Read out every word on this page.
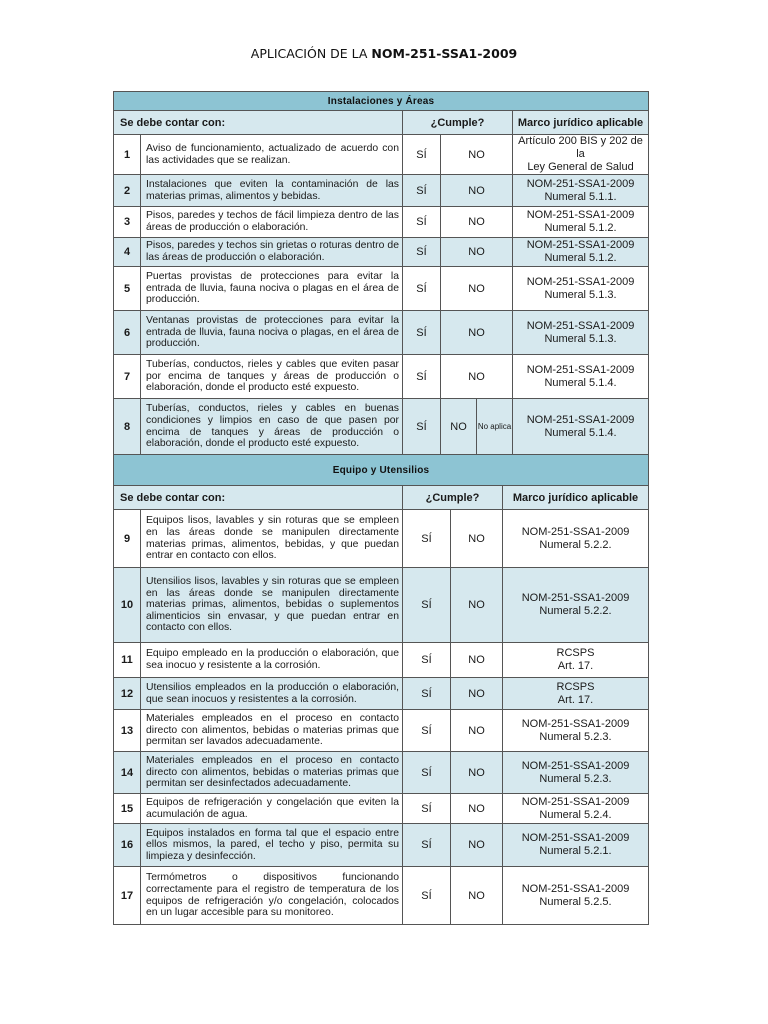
APLICACIÓN DE LA NOM-251-SSA1-2009
Instalaciones y Áreas					
Se debe contar con:		¿Cumple?			Marco jurídico aplicable
1	Aviso de funcionamiento, actualizado de acuerdo con las actividades que se realizan.	SÍ	NO		Artículo 200 BIS y 202 de la
Ley General de Salud
2	Instalaciones que eviten la contaminación de las materias primas, alimentos y bebidas.	SÍ	NO		NOM-251-SSA1-2009
Numeral 5.1.1.
3	Pisos, paredes y techos de fácil limpieza dentro de las áreas de producción o elaboración.	SÍ	NO		NOM-251-SSA1-2009
Numeral 5.1.2.
4	Pisos, paredes y techos sin grietas o roturas dentro de las áreas de producción o elaboración.	SÍ	NO		NOM-251-SSA1-2009
Numeral 5.1.2.
5	Puertas provistas de protecciones para evitar la entrada de lluvia, fauna nociva o plagas en el área de producción.	SÍ	NO		NOM-251-SSA1-2009
Numeral 5.1.3.
6	Ventanas provistas de protecciones para evitar la entrada de lluvia, fauna nociva o plagas, en el área de producción.	SÍ	NO		NOM-251-SSA1-2009
Numeral 5.1.3.
7	Tuberías, conductos, rieles y cables que eviten pasar por encima de tanques y áreas de producción o elaboración, donde el producto esté expuesto.	SÍ	NO		NOM-251-SSA1-2009
Numeral 5.1.4.
8	Tuberías, conductos, rieles y cables en buenas condiciones y limpios en caso de que pasen por encima de tanques y áreas de producción o elaboración, donde el producto esté expuesto.	SÍ	NO	No aplica	NOM-251-SSA1-2009
Numeral 5.1.4.
Equipo y Utensilios				
Se debe contar con:		¿Cumple?		Marco jurídico aplicable
9	Equipos lisos, lavables y sin roturas que se empleen en las áreas donde se manipulen directamente materias primas, alimentos, bebidas, y que puedan entrar en contacto con ellos.	SÍ	NO	NOM-251-SSA1-2009
Numeral 5.2.2.
10	Utensilios lisos, lavables y sin roturas que se empleen en las áreas donde se manipulen directamente materias primas, alimentos, bebidas o suplementos alimenticios sin envasar, y que puedan entrar en contacto con ellos.	SÍ	NO	NOM-251-SSA1-2009
Numeral 5.2.2.
11	Equipo empleado en la producción o elaboración, que sea inocuo y resistente a la corrosión.	SÍ	NO	RCSPS
Art. 17.
12	Utensilios empleados en la producción o elaboración, que sean inocuos y resistentes a la corrosión.	SÍ	NO	RCSPS
Art. 17.
13	Materiales empleados en el proceso en contacto directo con alimentos, bebidas o materias primas que permitan ser lavados adecuadamente.	SÍ	NO	NOM-251-SSA1-2009
Numeral 5.2.3.
14	Materiales empleados en el proceso en contacto directo con alimentos, bebidas o materias primas que permitan ser desinfectados adecuadamente.	SÍ	NO	NOM-251-SSA1-2009
Numeral 5.2.3.
15	Equipos de refrigeración y congelación que eviten la acumulación de agua.	SÍ	NO	NOM-251-SSA1-2009
Numeral 5.2.4.
16	Equipos instalados en forma tal que el espacio entre ellos mismos, la pared, el techo y piso, permita su limpieza y desinfección.	SÍ	NO	NOM-251-SSA1-2009
Numeral 5.2.1.
17	Termómetros o dispositivos funcionando correctamente para el registro de temperatura de los equipos de refrigeración y/o congelación, colocados en un lugar accesible para su monitoreo.	SÍ	NO	NOM-251-SSA1-2009
Numeral 5.2.5.
